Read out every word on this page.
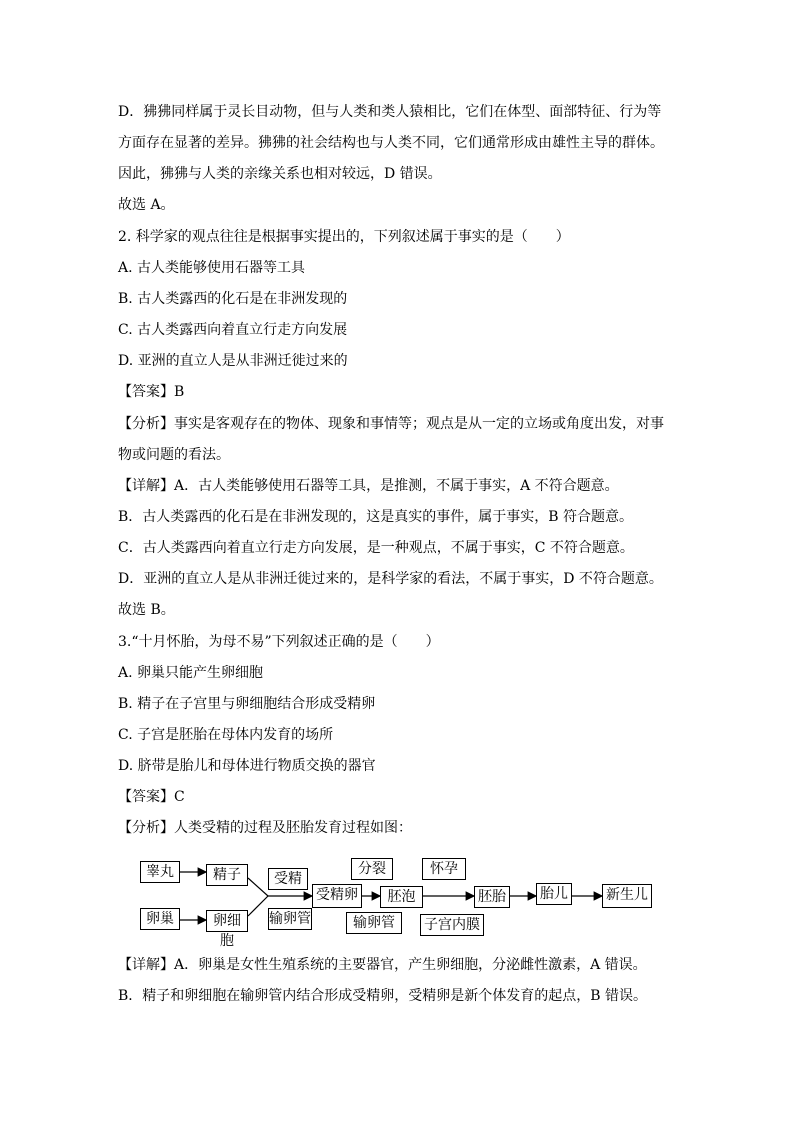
D．狒狒同样属于灵长目动物，但与人类和类人猿相比，它们在体型、面部特征、行为等
方面存在显著的差异。狒狒的社会结构也与人类不同，它们通常形成由雄性主导的群体。
因此，狒狒与人类的亲缘关系也相对较远，D 错误。
故选 A。
2. 科学家的观点往往是根据事实提出的，下列叙述属于事实的是（　　）
A. 古人类能够使用石器等工具
B. 古人类露西的化石是在非洲发现的
C. 古人类露西向着直立行走方向发展
D. 亚洲的直立人是从非洲迁徙过来的
【答案】B
【分析】事实是客观存在的物体、现象和事情等；观点是从一定的立场或角度出发，对事
物或问题的看法。
【详解】A．古人类能够使用石器等工具，是推测，不属于事实，A 不符合题意。
B．古人类露西的化石是在非洲发现的，这是真实的事件，属于事实，B 符合题意。
C．古人类露西向着直立行走方向发展，是一种观点，不属于事实，C 不符合题意。
D．亚洲的直立人是从非洲迁徙过来的，是科学家的看法，不属于事实，D 不符合题意。
故选 B。
3.“十月怀胎，为母不易”下列叙述正确的是（　　）
A. 卵巢只能产生卵细胞
B. 精子在子宫里与卵细胞结合形成受精卵
C. 子宫是胚胎在母体内发育的场所
D. 脐带是胎儿和母体进行物质交换的器官
【答案】C
【分析】人类受精的过程及胚胎发育过程如图：
睾丸	精子
卵巢	卵细胞
受精
输卵管
受精卵
分裂
输卵管
胚泡
怀孕
子宫内膜
胚胎 胎儿	新生儿
【详解】A．卵巢是女性生殖系统的主要器官，产生卵细胞，分泌雌性激素，A 错误。
B．精子和卵细胞在输卵管内结合形成受精卵，受精卵是新个体发育的起点，B 错误。
